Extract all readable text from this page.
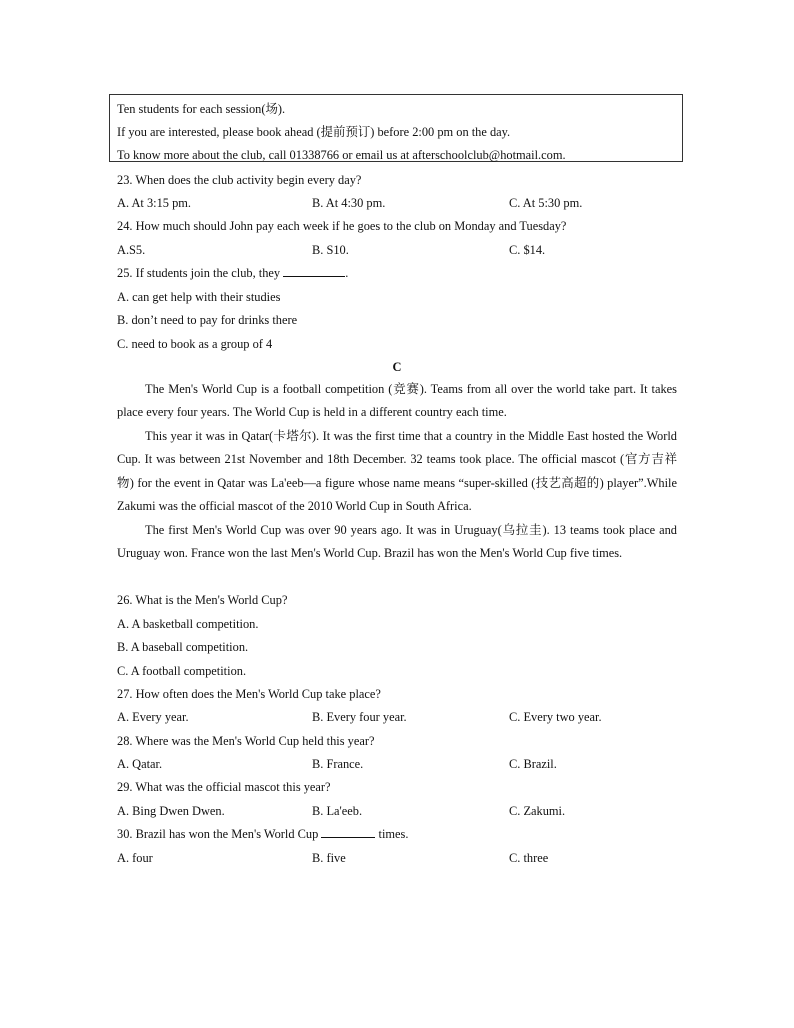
Ten students for each session(场).
If you are interested, please book ahead (提前预订) before 2:00 pm on the day.
To know more about the club, call 01338766 or email us at afterschoolclub@hotmail.com.
23. When does the club activity begin every day?
A. At 3:15 pm.	B. At 4:30 pm.	C. At 5:30 pm.
24. How much should John pay each week if he goes to the club on Monday and Tuesday?
A.S5.	B. S10.	C. $14.
25. If students join the club, they	.
A. can get help with their studies
B. don’t need to pay for drinks there
C. need to book as a group of 4
C
The Men's World Cup is a football competition (竞赛). Teams from all over the world take part. It takes place every four years. The World Cup is held in a different country each time.
This year it was in Qatar(卡塔尔). It was the first time that a country in the Middle East hosted the World Cup. It was between 21st November and 18th December. 32 teams took place. The official mascot (官方吉祥物) for the event in Qatar was La'eeb—a figure whose name means “super-skilled (技艺高超的) player”.While Zakumi was the official mascot of the 2010 World Cup in South Africa.
The first Men's World Cup was over 90 years ago. It was in Uruguay(乌拉圭). 13 teams took place and Uruguay won. France won the last Men's World Cup. Brazil has won the Men's World Cup five times.
26. What is the Men's World Cup?
A. A basketball competition.
B. A baseball competition.
C. A football competition.
27. How often does the Men's World Cup take place?
A. Every year.	B. Every four year.	C. Every two year.
28. Where was the Men's World Cup held this year?
A. Qatar.	B. France.	C. Brazil.
29. What was the official mascot this year?
A. Bing Dwen Dwen.	B. La'eeb.	C. Zakumi.
30. Brazil has won the Men's World Cup	times.
A. four	B. five	C. three
